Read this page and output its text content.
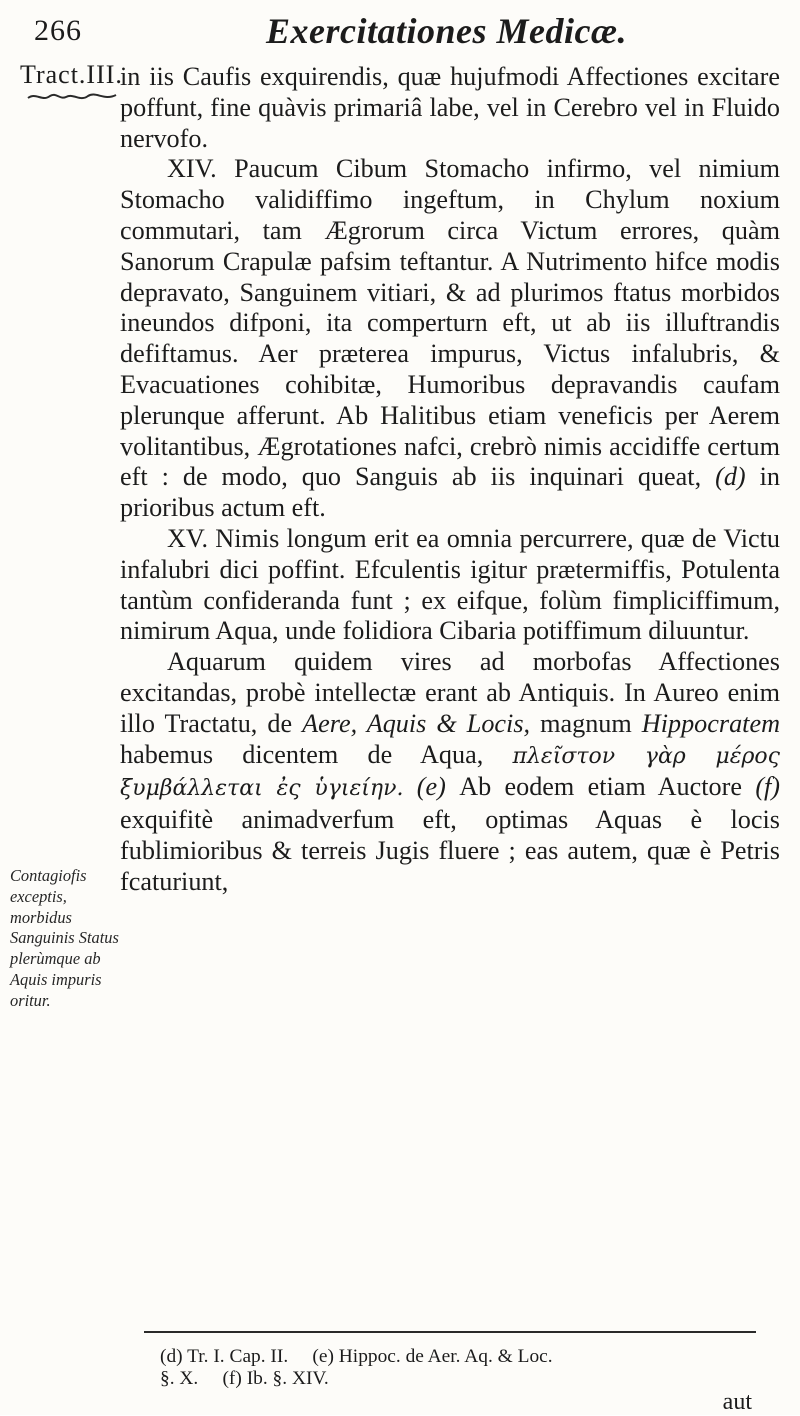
266	Exercitationes Medicæ.
Tract.III.

in iis Caufis exquirendis, quæ hujufmodi Affectiones excitare poffunt, fine quàvis primariâ labe, vel in Cerebro vel in Fluido nervofo.

XIV. Paucum Cibum Stomacho infirmo, vel nimium Stomacho validiffimo ingeftum, in Chylum noxium commutari, tam Ægrorum circa Victum errores, quàm Sanorum Crapulæ pafsim teftantur. A Nutrimento hifce modis depravato, Sanguinem vitiari, & ad plurimos ftatus morbidos ineundos difponi, ita comperturn eft, ut ab iis illuftrandis defiftamus. Aer præterea impurus, Victus infalubris, & Evacuationes cohibitæ, Humoribus depravandis caufam plerunque afferunt. Ab Halitibus etiam veneficis per Aerem volitantibus, Ægrotationes nafci, crebrò nimis accidiffe certum eft : de modo, quo Sanguis ab iis inquinari queat, (d) in prioribus actum eft.

XV. Nimis longum erit ea omnia percurrere, quæ de Victu infalubri dici poffint. Efculentis igitur prætermiffis, Potulenta tantùm confideranda funt ; ex eifque, folùm fimpliciffimum, nimirum Aqua, unde folidiora Cibaria potiffimum diluuntur.

Aquarum quidem vires ad morbofas Affectiones excitandas, probè intellectæ erant ab Antiquis. In Aureo enim illo Tractatu, de Aere, Aquis & Locis, magnum Hippocratem habemus dicentem de Aqua, πλεῖστον γὰρ μέρος ξυμβάλλεται ἐς ὑγιείην. (e) Ab eodem etiam Auctore (f) exquifitè animadverfum eft, optimas Aquas è locis fublimioribus & terreis Jugis fluere ; eas autem, quæ è Petris fcaturiunt,

Contagiofis exceptis, morbidus Sanguinis Status plerùmque ab Aquis impuris oritur.
(d) Tr. I. Cap. II.     (e) Hippoc. de Aer. Aq. & Loc.
§. X.     (f) Ib. §. XIV.
aut
